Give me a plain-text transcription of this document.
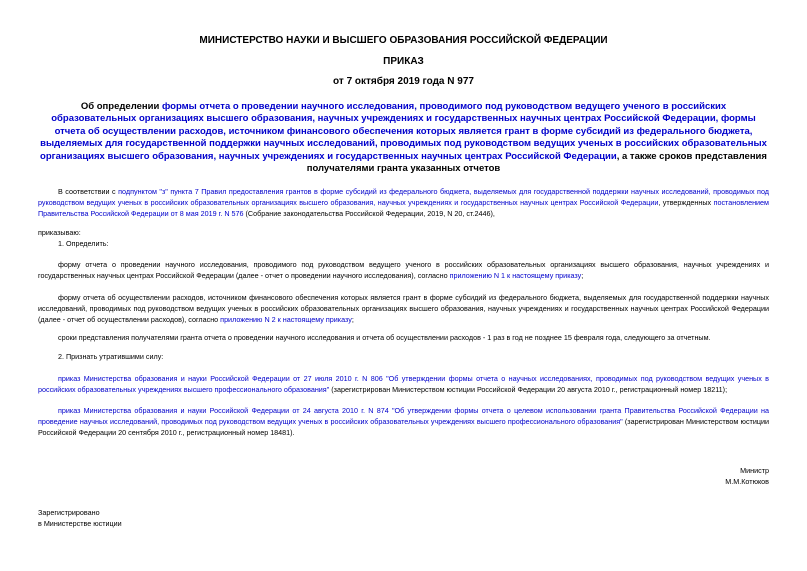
МИНИСТЕРСТВО НАУКИ И ВЫСШЕГО ОБРАЗОВАНИЯ РОССИЙСКОЙ ФЕДЕРАЦИИ
ПРИКАЗ
от 7 октября 2019 года N 977
Об определении формы отчета о проведении научного исследования, проводимого под руководством ведущего ученого в российских образовательных организациях высшего образования, научных учреждениях и государственных научных центрах Российской Федерации, формы отчета об осуществлении расходов, источником финансового обеспечения которых является грант в форме субсидий из федерального бюджета, выделяемых для государственной поддержки научных исследований, проводимых под руководством ведущих ученых в российских образовательных организациях высшего образования, научных учреждениях и государственных научных центрах Российской Федерации, а также сроков представления получателями гранта указанных отчетов
В соответствии с подпунктом "з" пункта 7 Правил предоставления грантов в форме субсидий из федерального бюджета, выделяемых для государственной поддержки научных исследований, проводимых под руководством ведущих ученых в российских образовательных организациях высшего образования, научных учреждениях и государственных научных центрах Российской Федерации, утвержденных постановлением Правительства Российской Федерации от 8 мая 2019 г. N 576 (Собрание законодательства Российской Федерации, 2019, N 20, ст.2446),
приказываю:
1. Определить:
форму отчета о проведении научного исследования, проводимого под руководством ведущего ученого в российских образовательных организациях высшего образования, научных учреждениях и государственных научных центрах Российской Федерации (далее - отчет о проведении научного исследования), согласно приложению N 1 к настоящему приказу;
форму отчета об осуществлении расходов, источником финансового обеспечения которых является грант в форме субсидий из федерального бюджета, выделяемых для государственной поддержки научных исследований, проводимых под руководством ведущих ученых в российских образовательных организациях высшего образования, научных учреждениях и государственных научных центрах Российской Федерации (далее - отчет об осуществлении расходов), согласно приложению N 2 к настоящему приказу;
сроки представления получателями гранта отчета о проведении научного исследования и отчета об осуществлении расходов - 1 раз в год не позднее 15 февраля года, следующего за отчетным.
2. Признать утратившими силу:
приказ Министерства образования и науки Российской Федерации от 27 июля 2010 г. N 806 "Об утверждении формы отчета о научных исследованиях, проводимых под руководством ведущих ученых в российских образовательных учреждениях высшего профессионального образования" (зарегистрирован Министерством юстиции Российской Федерации 20 августа 2010 г., регистрационный номер 18211);
приказ Министерства образования и науки Российской Федерации от 24 августа 2010 г. N 874 "Об утверждении формы отчета о целевом использовании гранта Правительства Российской Федерации на проведение научных исследований, проводимых под руководством ведущих ученых в российских образовательных учреждениях высшего профессионального образования" (зарегистрирован Министерством юстиции Российской Федерации 20 сентября 2010 г., регистрационный номер 18481).
Министр
М.М.Котюков
Зарегистрировано
в Министерстве юстиции
